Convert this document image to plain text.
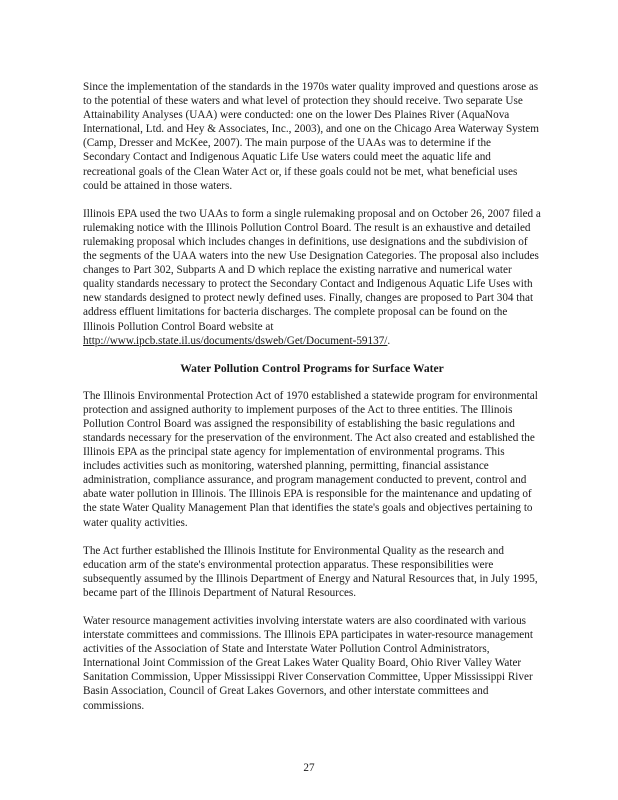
Since the implementation of the standards in the 1970s water quality improved and questions arose as to the potential of these waters and what level of protection they should receive. Two separate Use Attainability Analyses (UAA) were conducted: one on the lower Des Plaines River (AquaNova International, Ltd. and Hey & Associates, Inc., 2003), and one on the Chicago Area Waterway System (Camp, Dresser and McKee, 2007). The main purpose of the UAAs was to determine if the Secondary Contact and Indigenous Aquatic Life Use waters could meet the aquatic life and recreational goals of the Clean Water Act or, if these goals could not be met, what beneficial uses could be attained in those waters.

Illinois EPA used the two UAAs to form a single rulemaking proposal and on October 26, 2007 filed a rulemaking notice with the Illinois Pollution Control Board. The result is an exhaustive and detailed rulemaking proposal which includes changes in definitions, use designations and the subdivision of the segments of the UAA waters into the new Use Designation Categories. The proposal also includes changes to Part 302, Subparts A and D which replace the existing narrative and numerical water quality standards necessary to protect the Secondary Contact and Indigenous Aquatic Life Uses with new standards designed to protect newly defined uses. Finally, changes are proposed to Part 304 that address effluent limitations for bacteria discharges. The complete proposal can be found on the Illinois Pollution Control Board website at http://www.ipcb.state.il.us/documents/dsweb/Get/Document-59137/.

Water Pollution Control Programs for Surface Water

The Illinois Environmental Protection Act of 1970 established a statewide program for environmental protection and assigned authority to implement purposes of the Act to three entities. The Illinois Pollution Control Board was assigned the responsibility of establishing the basic regulations and standards necessary for the preservation of the environment. The Act also created and established the Illinois EPA as the principal state agency for implementation of environmental programs. This includes activities such as monitoring, watershed planning, permitting, financial assistance administration, compliance assurance, and program management conducted to prevent, control and abate water pollution in Illinois. The Illinois EPA is responsible for the maintenance and updating of the state Water Quality Management Plan that identifies the state's goals and objectives pertaining to water quality activities.

The Act further established the Illinois Institute for Environmental Quality as the research and education arm of the state's environmental protection apparatus. These responsibilities were subsequently assumed by the Illinois Department of Energy and Natural Resources that, in July 1995, became part of the Illinois Department of Natural Resources.

Water resource management activities involving interstate waters are also coordinated with various interstate committees and commissions. The Illinois EPA participates in water-resource management activities of the Association of State and Interstate Water Pollution Control Administrators, International Joint Commission of the Great Lakes Water Quality Board, Ohio River Valley Water Sanitation Commission, Upper Mississippi River Conservation Committee, Upper Mississippi River Basin Association, Council of Great Lakes Governors, and other interstate committees and commissions.

27
